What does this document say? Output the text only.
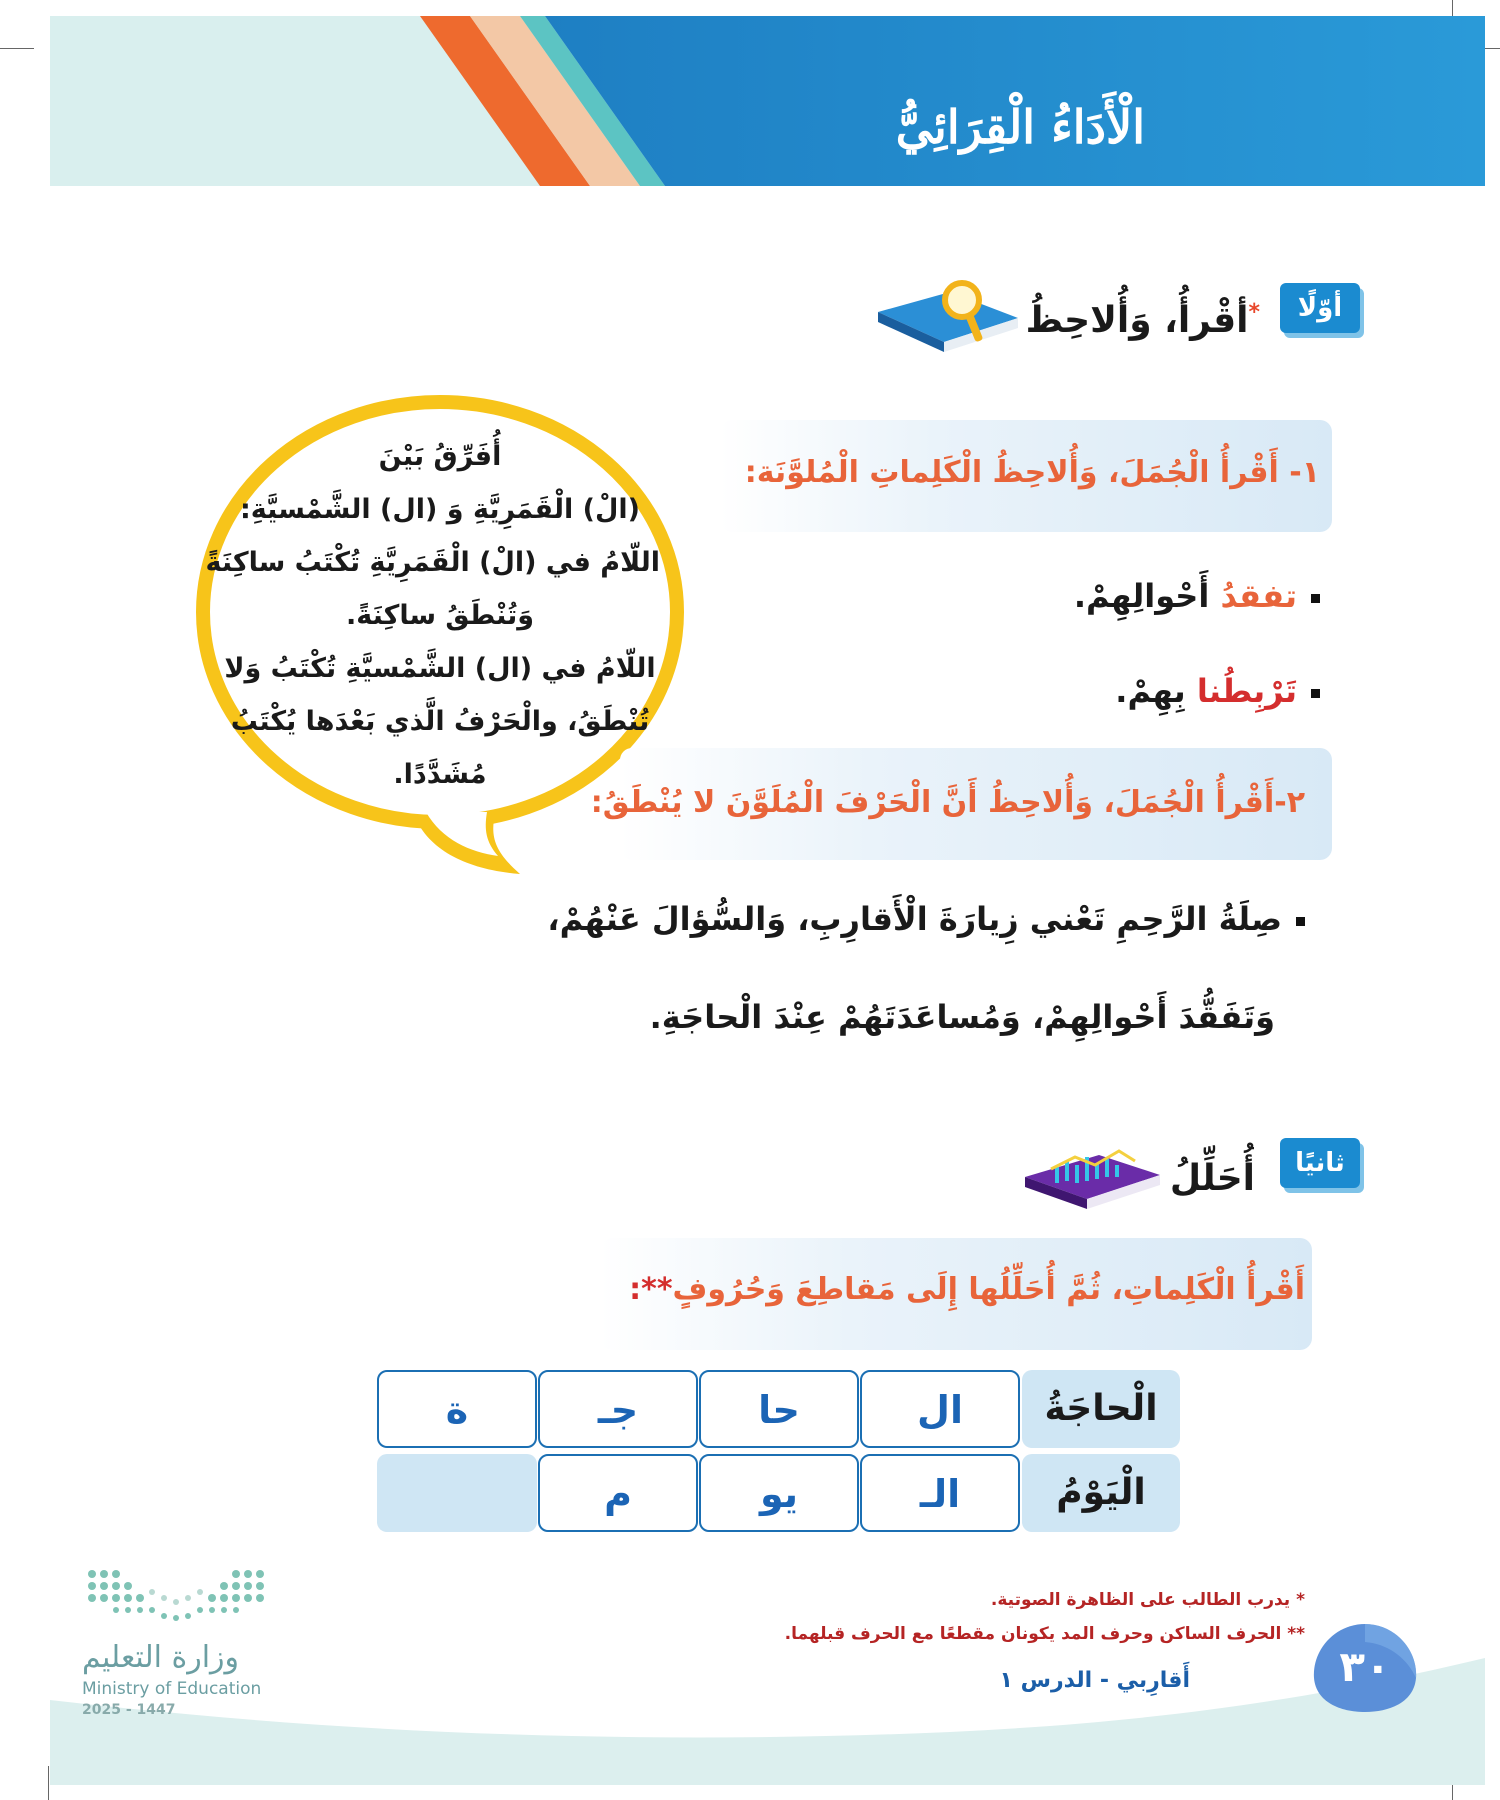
الْأَدَاءُ الْقِرَائِيُّ
أوّلًا
*أقْرأُ، وَأُلاحِظُ
١- أَقْرأُ الْجُمَلَ، وَأُلاحِظُ الْكَلِماتِ الْمُلوَّنَة:
تفقدُ أَحْوالِهِمْ.
تَرْبِطُنا بِهِمْ.
أُفَرِّقُ بَيْنَ
(الْ) الْقَمَرِيَّةِ وَ (ال) الشَّمْسيَّةِ:
اللّامُ في (الْ) الْقَمَرِيَّةِ تُكْتَبُ ساكِنَةً
وَتُنْطَقُ ساكِنَةً.
اللّامُ في (ال) الشَّمْسيَّةِ تُكْتَبُ وَلا
تُنْطَقُ، والْحَرْفُ الَّذي بَعْدَها يُكْتَبُ
مُشَدَّدًا.
٢-أَقْرأُ الْجُمَلَ، وَأُلاحِظُ أَنَّ الْحَرْفَ الْمُلَوَّنَ لا يُنْطَقُ:
صِلَةُ الرَّحِمِ تَعْني زِيارَةَ الْأَقارِبِ، وَالسُّؤالَ عَنْهُمْ،
وَتَفَقُّدَ أَحْوالِهِمْ، وَمُساعَدَتَهُمْ عِنْدَ الْحاجَةِ.
ثانيًا
أُحَلِّلُ
أَقْرأُ الْكَلِماتِ، ثُمَّ أُحَلِّلُها إِلَى مَقاطِعَ وَحُرُوفٍ**:
الْحاجَةُ
ال
حا
جـ
ة
الْيَوْمُ
الـ
يو
م
* يدرب الطالب على الظاهرة الصوتية.
** الحرف الساكن وحرف المد يكونان مقطعًا مع الحرف قبلهما.
٣٠
أَقارِبي - الدرس ١
وزارة التعليم
Ministry of Education
2025 - 1447
